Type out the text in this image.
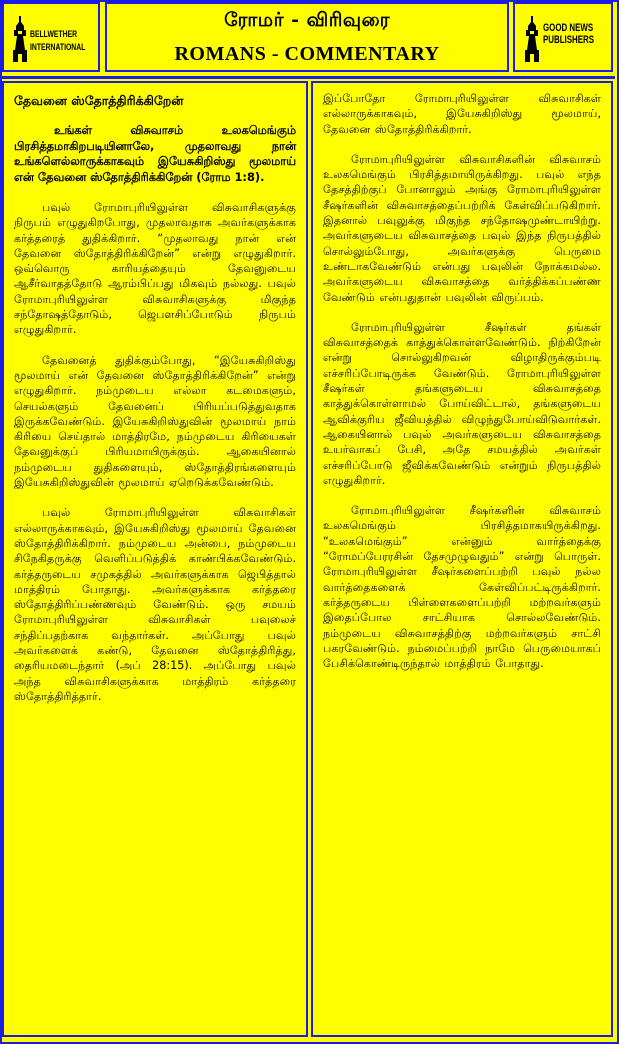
BELLWETHER
INTERNATIONAL
ரோமர் - விரிவுரை
ROMANS - COMMENTARY
GOOD NEWS
PUBLISHERS
தேவனை ஸ்தோத்திரிக்கிறேன்

உங்கள் விசுவாசம் உலகமெங்கும் பிரசித்தமாகிறபடியினாலே, முதலாவது நான் உங்களெல்லாருக்காகவும் இயேசுகிறிஸ்து மூலமாய் என் தேவனை ஸ்தோத்திரிக்கிறேன் (ரோம 1:8).

பவுல் ரோமாபுரியிலுள்ள விசுவாசிகளுக்கு நிருபம் எழுதுகிறபோது, முதலாவதாக அவர்களுக்காக கர்த்தரைத் துதிக்கிறார். “முதலாவது நான் என் தேவனை ஸ்தோத்திரிக்கிறேன்” என்று எழுதுகிறார். ஒவ்வொரு காரியத்தையும் தேவனுடைய ஆசீர்வாதத்தோடு ஆரம்பிப்பது மிகவும் நல்லது. பவுல் ரோமாபுரியிலுள்ள விசுவாசிகளுக்கு மிகுந்த சந்தோஷத்தோடும், ஜெபளசிப்போடும் நிருபம் எழுதுகிறார்.

தேவனைத் துதிக்கும்போது, “இயேசுகிறிஸ்து மூலமாய் என் தேவனை ஸ்தோத்திரிக்கிறேன்” என்று எழுதுகிறார். நம்முடைய எல்லா கடமைகளும், செயல்களும் தேவனைப் பிரியப்படுத்துவதாக இருக்கவேண்டும். இயேசுகிறிஸ்துவின் மூலமாய் நாம் கிரியை செய்தால் மாத்திரமே, நம்முடைய கிரியைகள் தேவனுக்குப் பிரியமாயிருக்கும். ஆகையினால் நம்முடைய துதிகளையும், ஸ்தோத்திரங்களையும் இயேசுகிறிஸ்துவின் மூலமாய் ஏறெடுக்கவேண்டும்.

பவுல் ரோமாபுரியிலுள்ள விசுவாசிகள் எல்லாருக்காகவும், இயேசுகிறிஸ்து மூலமாய் தேவனை ஸ்தோத்திரிக்கிறார். நம்முடைய அன்பை, நம்முடைய சிநேகிதருக்கு வெளிப்படுத்திக் காண்பிக்கவேண்டும். கர்த்தருடைய சமுகத்தில் அவர்களுக்காக ஜெபித்தால் மாத்திரம் போதாது. அவர்களுக்காக கர்த்தரை ஸ்தோத்திரிப்பண்ணவும் வேண்டும். ஒரு சமயம் ரோமாபுரியிலுள்ள விசுவாசிகள் பவுலைச் சந்திப்பதற்காக வந்தார்கள். அப்போது பவுல் அவர்களைக் கண்டு, தேவனை ஸ்தோத்திரித்து, தைரியமடைந்தார் (அப் 28:15). அப்போது பவுல் அந்த விசுவாசிகளுக்காக மாத்திரம் கர்த்தரை ஸ்தோத்திரித்தார்.

இப்போதோ ரோமாபுரியிலுள்ள விசுவாசிகள் எல்லாருக்காகவும், இயேசுகிறிஸ்து மூலமாய், தேவனை ஸ்தோத்திரிக்கிறார்.

ரோமாபுரியிலுள்ள விசுவாசிகளின் விசுவாசம் உலகமெங்கும் பிரசித்தமாயிருக்கிறது. பவுல் எந்த தேசத்திற்குப் போனாலும் அங்கு ரோமாபுரியிலுள்ள சீஷர்களின் விசுவாசத்தைப்பற்றிக் கேள்விப்படுகிறார். இதனால் பவுலுக்கு மிகுந்த சந்தோஷமுண்டாயிற்று. அவர்களுடைய விசுவாசத்தை பவுல் இந்த நிருபத்தில் சொல்லும்போது, அவர்களுக்கு பெருமை உண்டாகவேண்டும் என்பது பவுலின் நோக்கமல்ல. அவர்களுடைய விசுவாசத்தை வர்த்திக்கப்பண்ண வேண்டும் என்பதுதான் பவுலின் விருப்பம்.

ரோமாபுரியிலுள்ள சீஷர்கள் தங்கள் விசுவாசத்தைக் காத்துக்கொள்ளவேண்டும். நிற்கிறேன் என்று சொல்லுகிறவன் விழாதிருக்கும்படி எச்சரிப்போடிருக்க வேண்டும். ரோமாபுரியிலுள்ள சீஷர்கள் தங்களுடைய விசுவாசத்தை காத்துக்கொள்ளாமல் போய்விட்டால், தங்களுடைய ஆவிக்குரிய ஜீவியத்தில் விழுந்துபோய்விடுவார்கள். ஆகையினால் பவுல் அவர்களுடைய விசுவாசத்தை உயர்வாகப் பேசி, அதே சமயத்தில் அவர்கள் எச்சரிப்போடு ஜீவிக்கவேண்டும் என்றும் நிருபத்தில் எழுதுகிறார்.

ரோமாபுரியிலுள்ள சீஷர்களின் விசுவாசம் உலகமெங்கும் பிரசித்தமாகயிருக்கிறது. “உலகமெங்கும்” என்னும் வார்த்தைக்கு “ரோமப்பேரரசின் தேசமுழுவதும்” என்று பொருள். ரோமாபுரியிலுள்ள சீஷர்களைப்பற்றி பவுல் நல்ல வார்த்தைகளைக் கேள்விப்பட்டிருக்கிறார். கர்த்தருடைய பிள்ளைகளைப்பற்றி மற்றவர்களும் இதைப்போல சாட்சியாக சொல்லவேண்டும். நம்முடைய விசுவாசத்திற்கு மற்றவர்களும் சாட்சி பகரவேண்டும். நம்மைப்பற்றி நாமே பெருமையாகப் பேசிக்கொண்டிருந்தால் மாத்திரம் போதாது.
